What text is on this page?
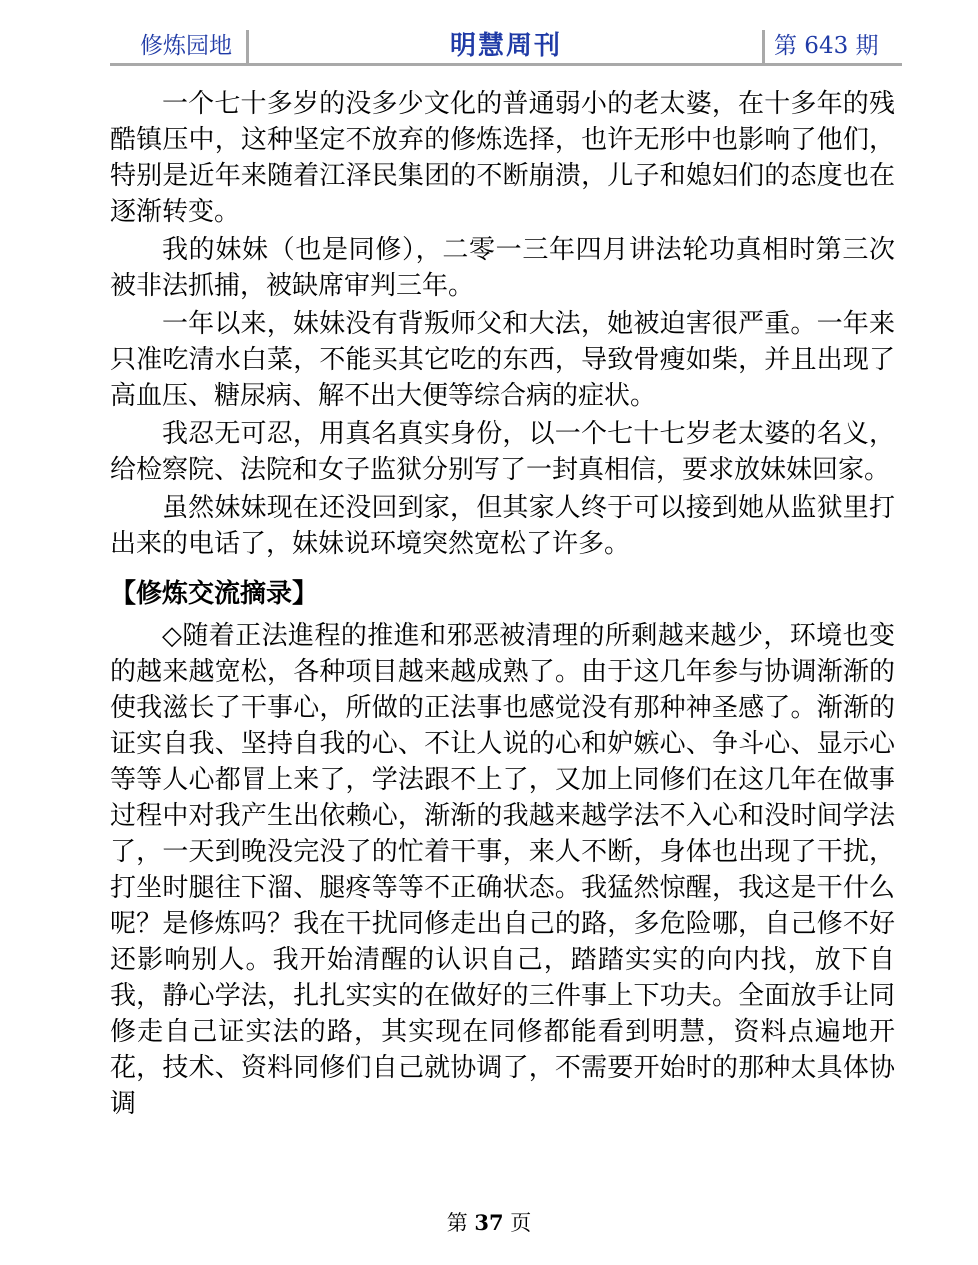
修炼园地	明慧周刊	第 643 期

一个七十多岁的没多少文化的普通弱小的老太婆，在十多年的残酷镇压中，这种坚定不放弃的修炼选择，也许无形中也影响了他们，特别是近年来随着江泽民集团的不断崩溃，儿子和媳妇们的态度也在逐渐转变。

我的妹妹（也是同修），二零一三年四月讲法轮功真相时第三次被非法抓捕，被缺席审判三年。

一年以来，妹妹没有背叛师父和大法，她被迫害很严重。一年来只准吃清水白菜，不能买其它吃的东西，导致骨瘦如柴，并且出现了高血压、糖尿病、解不出大便等综合病的症状。

我忍无可忍，用真名真实身份，以一个七十七岁老太婆的名义，给检察院、法院和女子监狱分别写了一封真相信，要求放妹妹回家。

虽然妹妹现在还没回到家，但其家人终于可以接到她从监狱里打出来的电话了，妹妹说环境突然宽松了许多。

【修炼交流摘录】

◇随着正法進程的推進和邪恶被清理的所剩越来越少，环境也变的越来越宽松，各种项目越来越成熟了。由于这几年参与协调渐渐的使我滋长了干事心，所做的正法事也感觉没有那种神圣感了。渐渐的证实自我、坚持自我的心、不让人说的心和妒嫉心、争斗心、显示心等等人心都冒上来了，学法跟不上了，又加上同修们在这几年在做事过程中对我产生出依赖心，渐渐的我越来越学法不入心和没时间学法了，一天到晚没完没了的忙着干事，来人不断，身体也出现了干扰，打坐时腿往下溜、腿疼等等不正确状态。我猛然惊醒，我这是干什么呢？是修炼吗？我在干扰同修走出自己的路，多危险哪，自己修不好还影响别人。我开始清醒的认识自己，踏踏实实的向内找，放下自我，静心学法，扎扎实实的在做好的三件事上下功夫。全面放手让同修走自己证实法的路，其实现在同修都能看到明慧，资料点遍地开花，技术、资料同修们自己就协调了，不需要开始时的那种太具体协调

第 37 页
